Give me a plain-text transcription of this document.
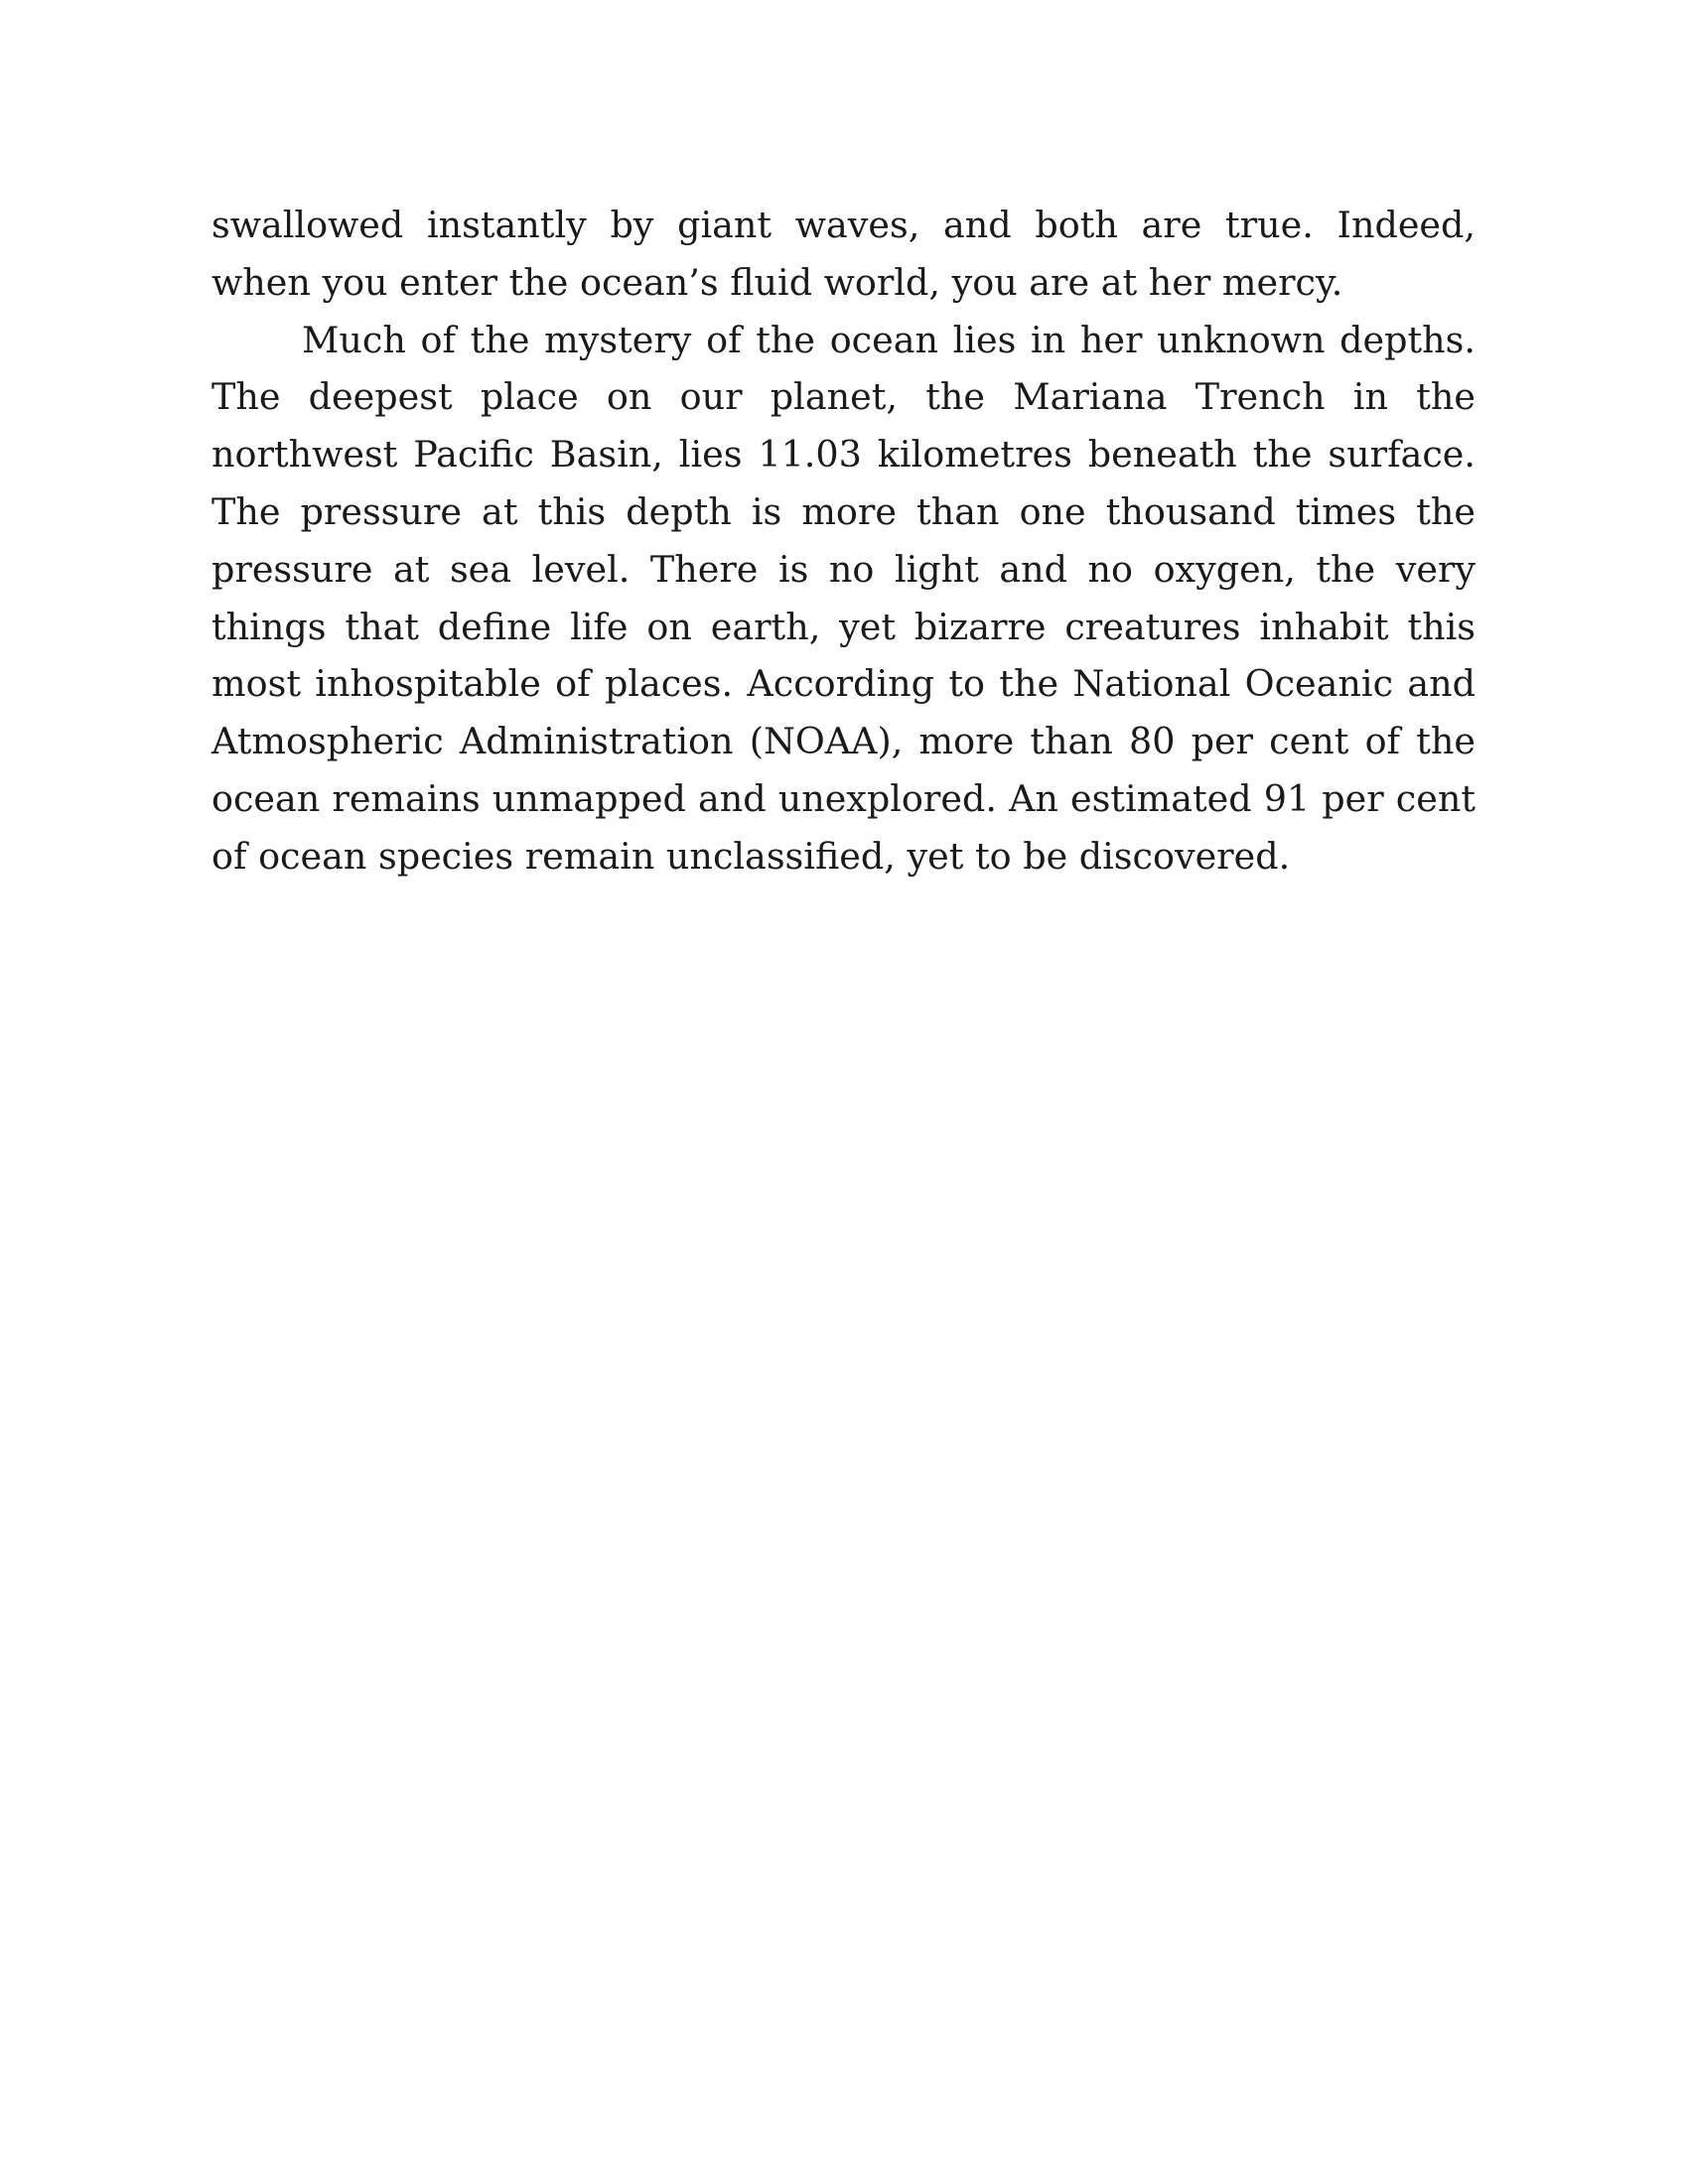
swallowed instantly by giant waves, and both are true. Indeed, when you enter the ocean’s fluid world, you are at her mercy.

Much of the mystery of the ocean lies in her unknown depths. The deepest place on our planet, the Mariana Trench in the northwest Pacific Basin, lies 11.03 kilometres beneath the surface. The pressure at this depth is more than one thousand times the pressure at sea level. There is no light and no oxygen, the very things that define life on earth, yet bizarre creatures inhabit this most inhospitable of places. According to the National Oceanic and Atmospheric Administration (NOAA), more than 80 per cent of the ocean remains unmapped and unexplored. An estimated 91 per cent of ocean species remain unclassified, yet to be discovered.
